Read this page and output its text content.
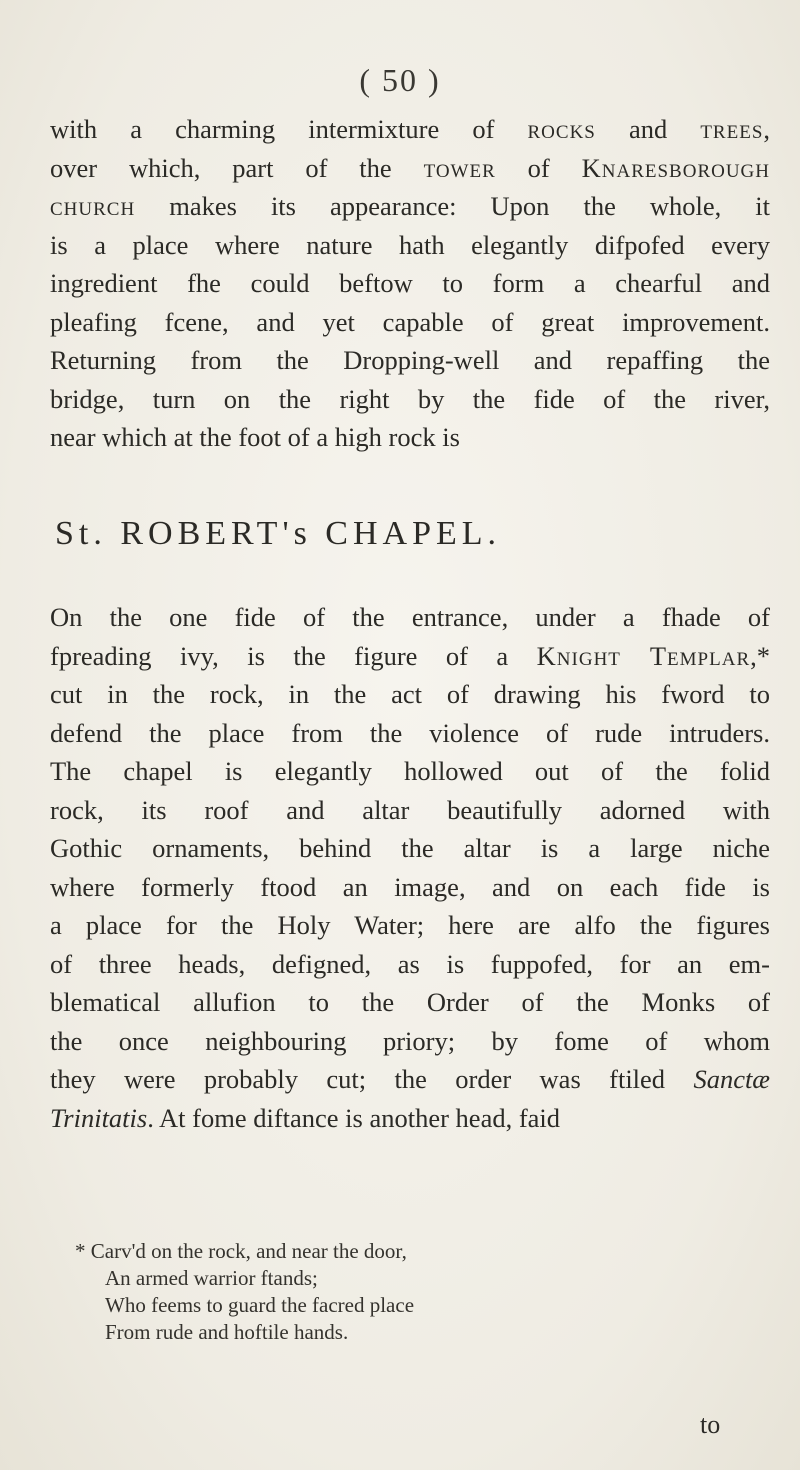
( 50 )

with a charming intermixture of rocks and trees,
over which, part of the tower of Knaresborough
church makes its appearance: Upon the whole, it
is a place where nature hath elegantly difpofed every
ingredient fhe could beftow to form a chearful and
pleafing fcene, and yet capable of great improvement.
Returning from the Dropping-well and repaffing the
bridge, turn on the right by the fide of the river,
near which at the foot of a high rock is

St. ROBERT's CHAPEL.

On the one fide of the entrance, under a fhade of
fpreading ivy, is the figure of a Knight Templar,*
cut in the rock, in the act of drawing his fword to
defend the place from the violence of rude intruders.
The chapel is elegantly hollowed out of the folid
rock, its roof and altar beautifully adorned with
Gothic ornaments, behind the altar is a large niche
where formerly ftood an image, and on each fide is
a place for the Holy Water; here are alfo the figures
of three heads, defigned, as is fuppofed, for an em-
blematical allufion to the Order of the Monks of
the once neighbouring priory; by fome of whom
they were probably cut; the order was ftiled Sanctæ
Trinitatis. At fome diftance is another head, faid

* Carv'd on the rock, and near the door,
An armed warrior ftands;
Who feems to guard the facred place
From rude and hoftile hands.
to
